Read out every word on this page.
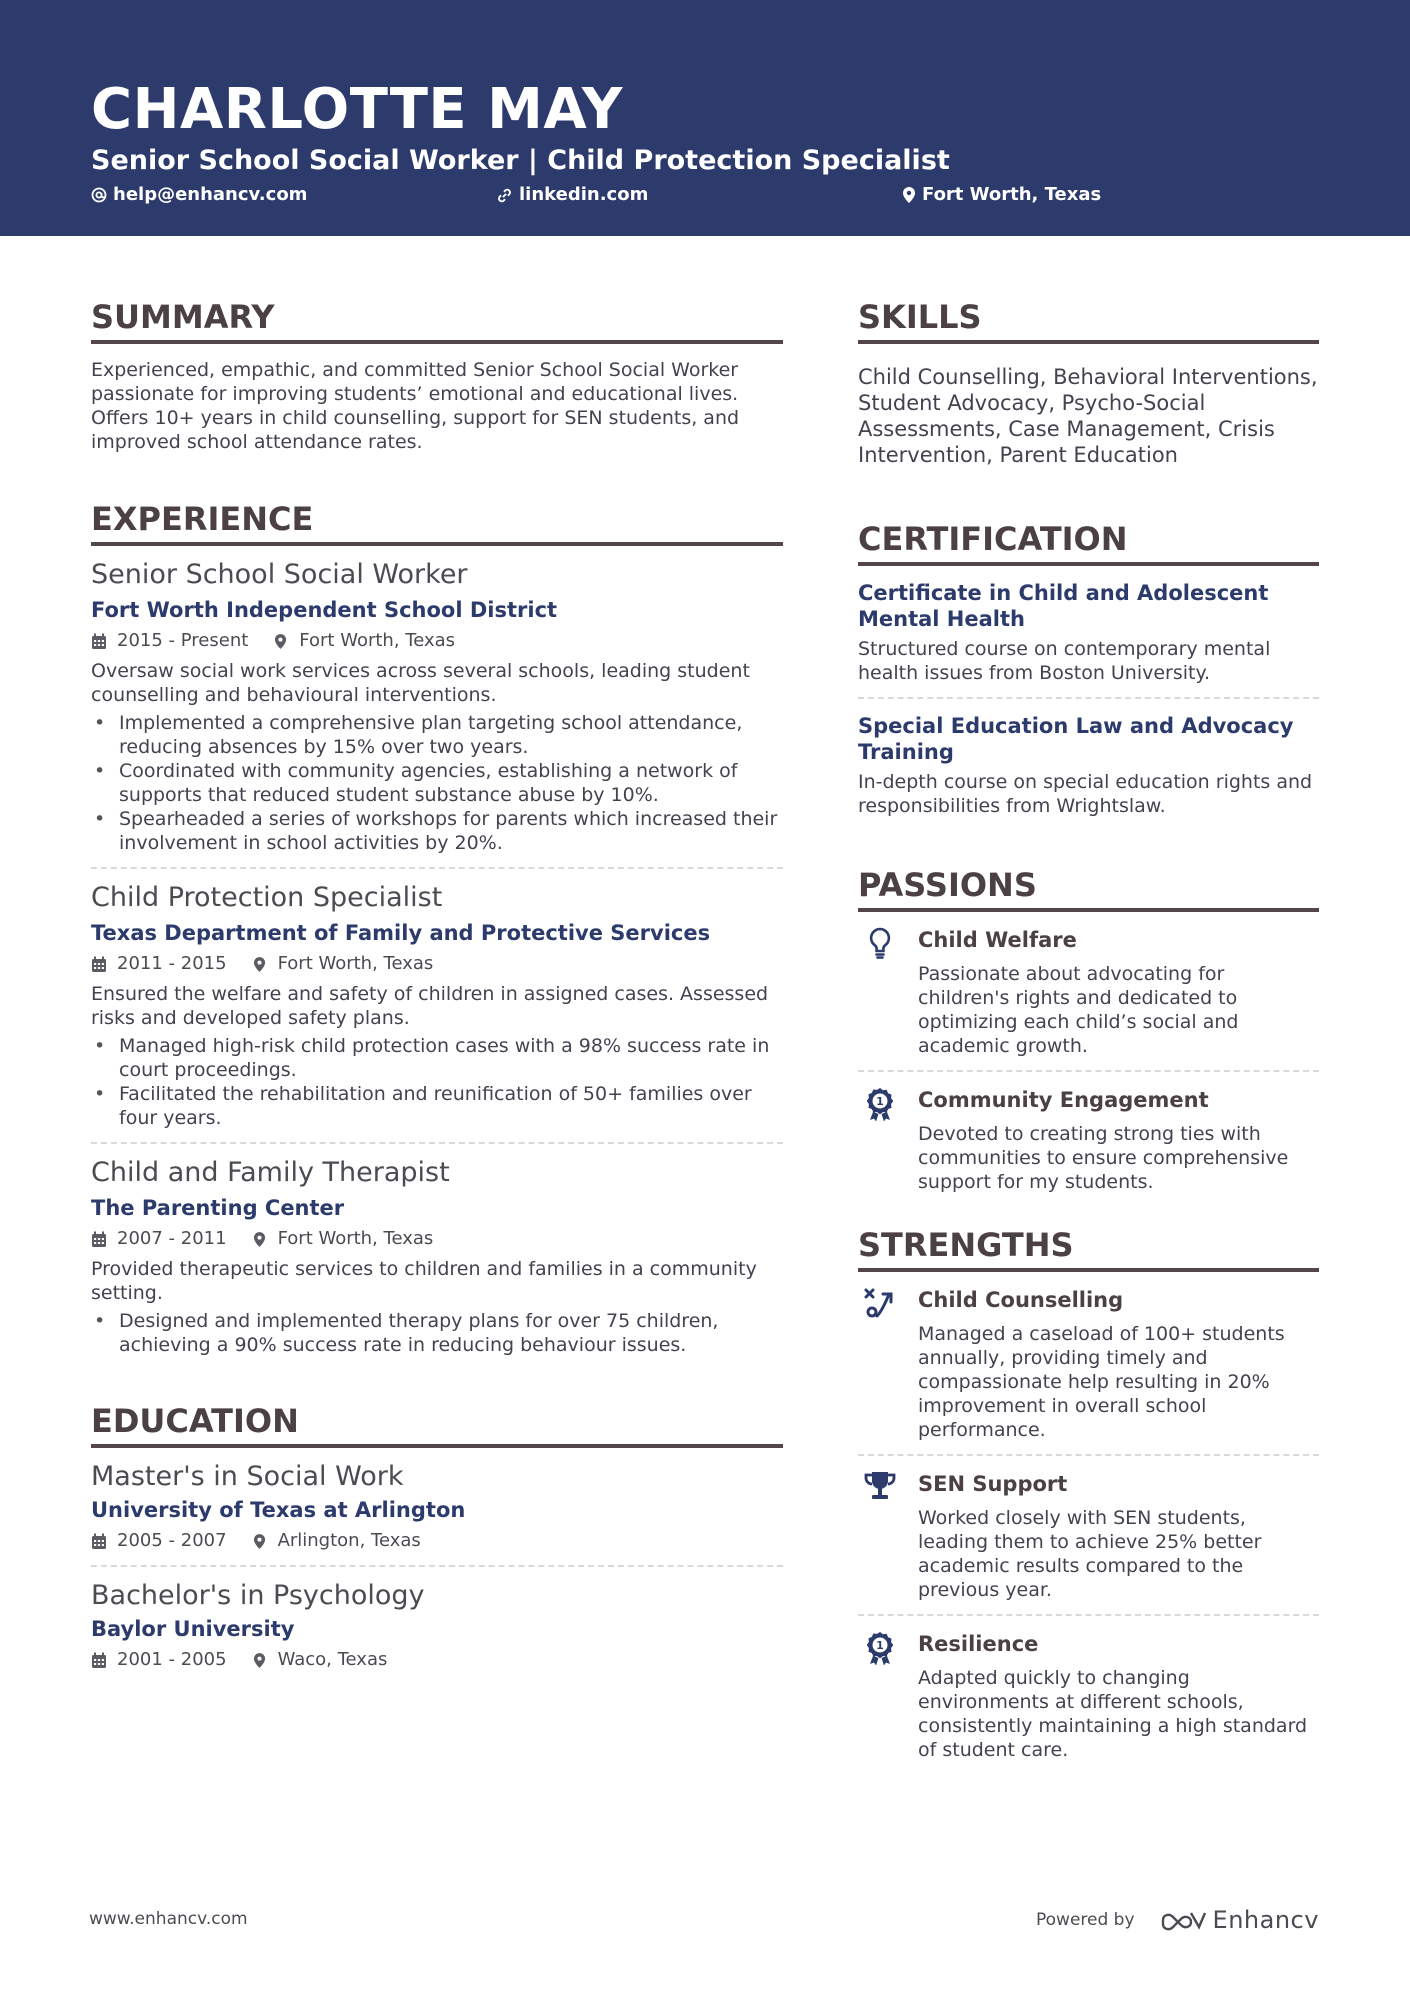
CHARLOTTE MAY
Senior School Social Worker | Child Protection Specialist
help@enhancv.com	linkedin.com	Fort Worth, Texas
SUMMARY
Experienced, empathic, and committed Senior School Social Worker passionate for improving students’ emotional and educational lives. Offers 10+ years in child counselling, support for SEN students, and improved school attendance rates.
EXPERIENCE
Senior School Social Worker
Fort Worth Independent School District
2015 - Present	Fort Worth, Texas
Oversaw social work services across several schools, leading student counselling and behavioural interventions.
• Implemented a comprehensive plan targeting school attendance, reducing absences by 15% over two years.
• Coordinated with community agencies, establishing a network of supports that reduced student substance abuse by 10%.
• Spearheaded a series of workshops for parents which increased their involvement in school activities by 20%.
Child Protection Specialist
Texas Department of Family and Protective Services
2011 - 2015	Fort Worth, Texas
Ensured the welfare and safety of children in assigned cases. Assessed risks and developed safety plans.
• Managed high-risk child protection cases with a 98% success rate in court proceedings.
• Facilitated the rehabilitation and reunification of 50+ families over four years.
Child and Family Therapist
The Parenting Center
2007 - 2011	Fort Worth, Texas
Provided therapeutic services to children and families in a community setting.
• Designed and implemented therapy plans for over 75 children, achieving a 90% success rate in reducing behaviour issues.
EDUCATION
Master's in Social Work
University of Texas at Arlington
2005 - 2007	Arlington, Texas
Bachelor's in Psychology
Baylor University
2001 - 2005	Waco, Texas
SKILLS
Child Counselling, Behavioral Interventions, Student Advocacy, Psycho-Social Assessments, Case Management, Crisis Intervention, Parent Education
CERTIFICATION
Certificate in Child and Adolescent Mental Health
Structured course on contemporary mental health issues from Boston University.
Special Education Law and Advocacy Training
In-depth course on special education rights and responsibilities from Wrightslaw.
PASSIONS
Child Welfare
Passionate about advocating for children's rights and dedicated to optimizing each child’s social and academic growth.
1 Community Engagement
Devoted to creating strong ties with communities to ensure comprehensive support for my students.
STRENGTHS
Child Counselling
Managed a caseload of 100+ students annually, providing timely and compassionate help resulting in 20% improvement in overall school performance.
SEN Support
Worked closely with SEN students, leading them to achieve 25% better academic results compared to the previous year.
1 Resilience
Adapted quickly to changing environments at different schools, consistently maintaining a high standard of student care.
www.enhancv.com	Powered by	Enhancv
